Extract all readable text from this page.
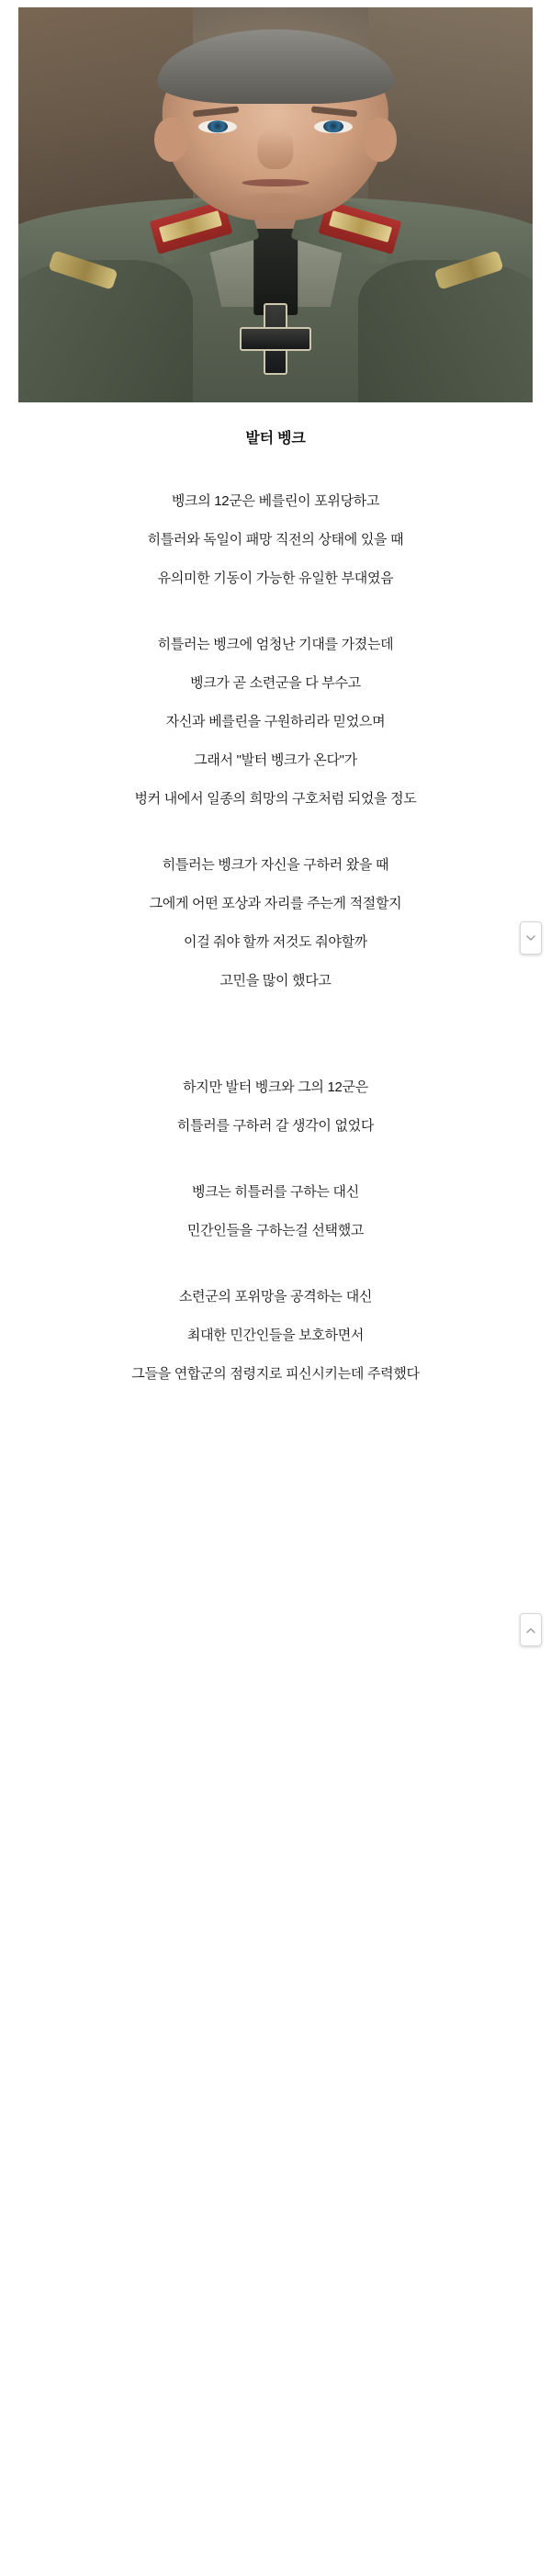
발터 벵크
벵크의 12군은 베를린이 포위당하고
히틀러와 독일이 패망 직전의 상태에 있을 때
유의미한 기동이 가능한 유일한 부대였음
히틀러는 벵크에 엄청난 기대를 가졌는데
벵크가 곧 소련군을 다 부수고
자신과 베를린을 구원하리라 믿었으며
그래서 "발터 벵크가 온다"가
벙커 내에서 일종의 희망의 구호처럼 되었을 정도
히틀러는 벵크가 자신을 구하러 왔을 때
그에게 어떤 포상과 자리를 주는게 적절할지
이걸 줘야 할까 저것도 줘야할까
고민을 많이 했다고
하지만 발터 벵크와 그의 12군은
히틀러를 구하러 갈 생각이 없었다
벵크는 히틀러를 구하는 대신
민간인들을 구하는걸 선택했고
소련군의 포위망을 공격하는 대신
최대한 민간인들을 보호하면서
그들을 연합군의 점령지로 피신시키는데 주력했다
